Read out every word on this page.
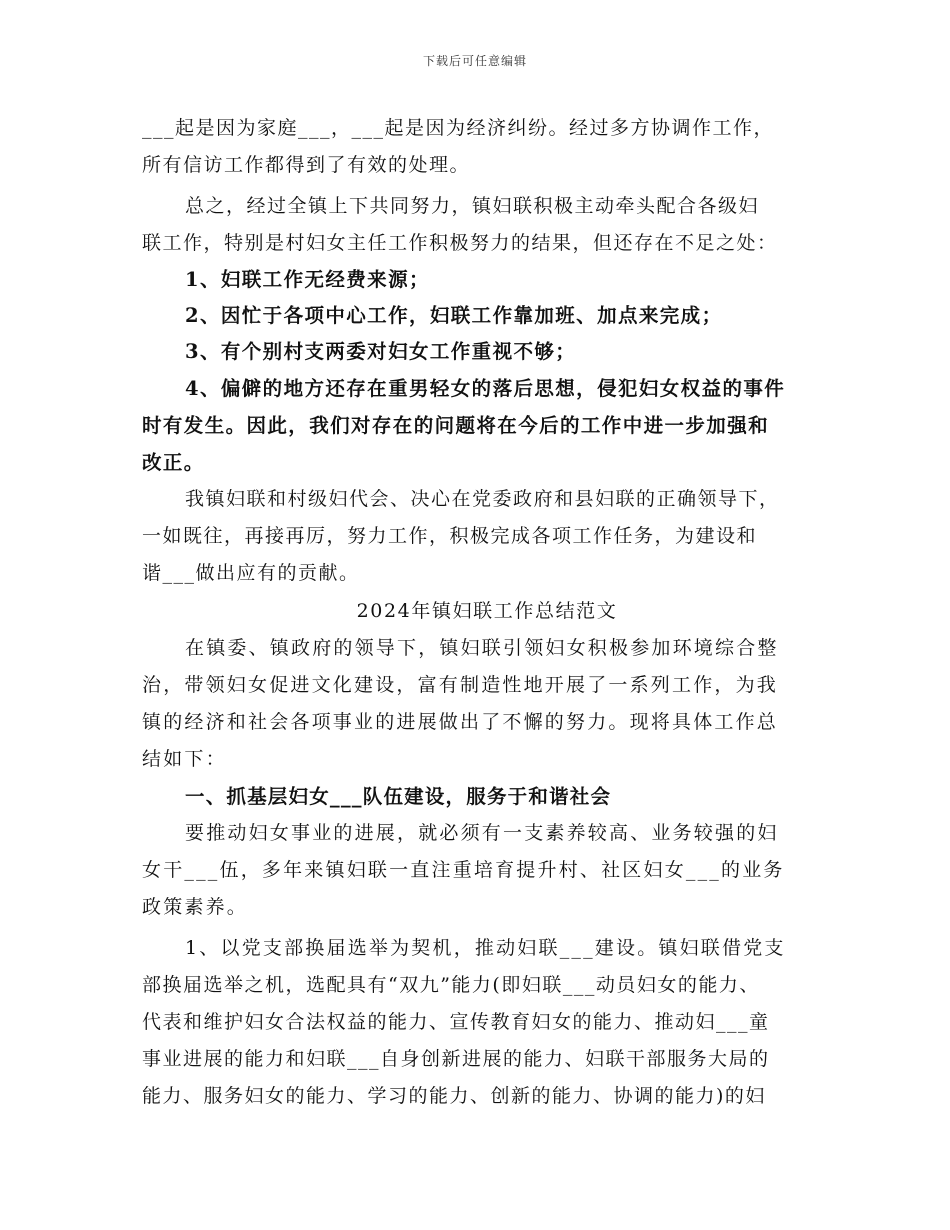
下载后可任意编辑

___起是因为家庭___，___起是因为经济纠纷。经过多方协调作工作，

所有信访工作都得到了有效的处理。

总之，经过全镇上下共同努力，镇妇联积极主动牵头配合各级妇

联工作，特别是村妇女主任工作积极努力的结果，但还存在不足之处：

1、妇联工作无经费来源；

2、因忙于各项中心工作，妇联工作靠加班、加点来完成；

3、有个别村支两委对妇女工作重视不够；

4、偏僻的地方还存在重男轻女的落后思想，侵犯妇女权益的事件

时有发生。因此，我们对存在的问题将在今后的工作中进一步加强和

改正。

我镇妇联和村级妇代会、决心在党委政府和县妇联的正确领导下，

一如既往，再接再厉，努力工作，积极完成各项工作任务，为建设和

谐___做出应有的贡献。

2024年镇妇联工作总结范文

在镇委、镇政府的领导下，镇妇联引领妇女积极参加环境综合整

治，带领妇女促进文化建设，富有制造性地开展了一系列工作，为我

镇的经济和社会各项事业的进展做出了不懈的努力。现将具体工作总

结如下：

一、抓基层妇女___队伍建设，服务于和谐社会

要推动妇女事业的进展，就必须有一支素养较高、业务较强的妇

女干___伍，多年来镇妇联一直注重培育提升村、社区妇女___的业务

政策素养。

1、以党支部换届选举为契机，推动妇联___建设。镇妇联借党支

部换届选举之机，选配具有“双九”能力(即妇联___动员妇女的能力、

代表和维护妇女合法权益的能力、宣传教育妇女的能力、推动妇___童

事业进展的能力和妇联___自身创新进展的能力、妇联干部服务大局的

能力、服务妇女的能力、学习的能力、创新的能力、协调的能力)的妇
